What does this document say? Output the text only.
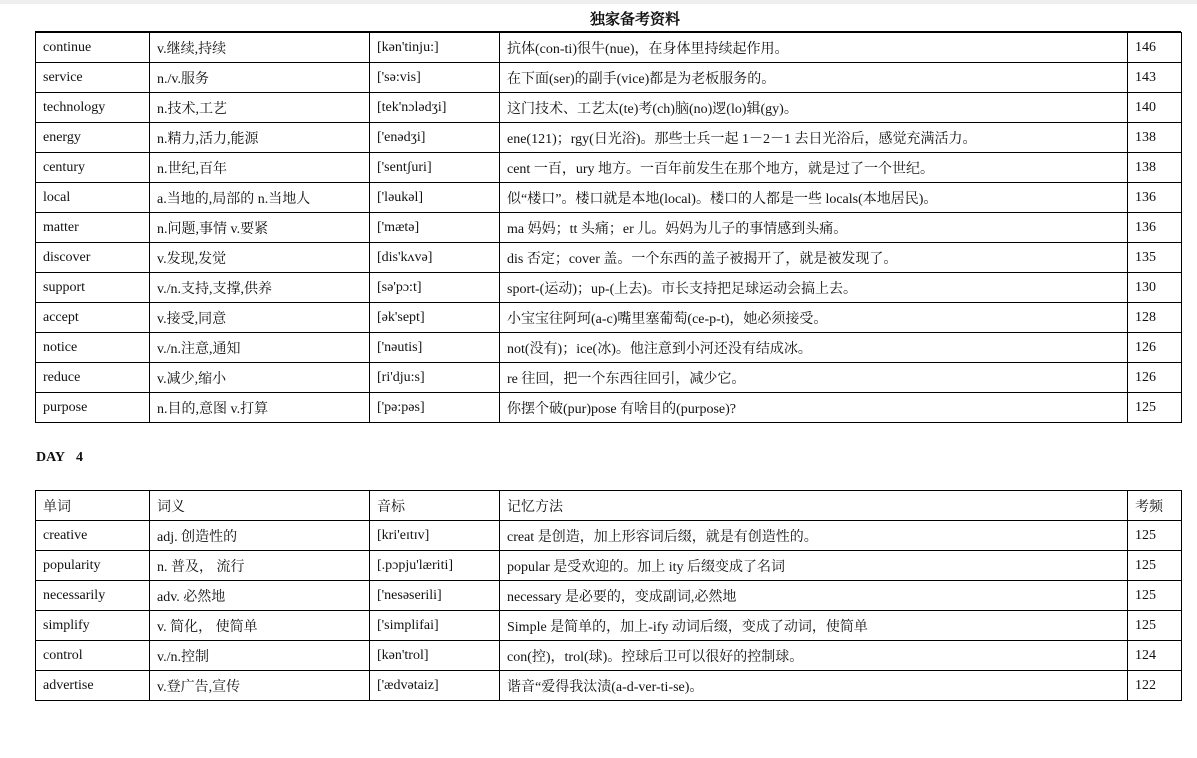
独家备考资料
continue	v.继续,持续	[kən'tinju:]	抗体(con-ti)很牛(nue)，在身体里持续起作用。	146
service	n./v.服务	['sə:vis]	在下面(ser)的副手(vice)都是为老板服务的。	143
technology	n.技术,工艺	[tek'nɔlədʒi]	这门技术、工艺太(te)考(ch)脑(no)逻(lo)辑(gy)。	140
energy	n.精力,活力,能源	['enədʒi]	ene(121)；rgy(日光浴)。那些士兵一起 1－2－1 去日光浴后，感觉充满活力。	138
century	n.世纪,百年	['sentʃuri]	cent 一百，ury 地方。一百年前发生在那个地方，就是过了一个世纪。	138
local	a.当地的,局部的 n.当地人	['ləukəl]	似“楼口”。楼口就是本地(local)。楼口的人都是一些 locals(本地居民)。	136
matter	n.问题,事情 v.要紧	['mætə]	ma 妈妈；tt 头痛；er 儿。妈妈为儿子的事情感到头痛。	136
discover	v.发现,发觉	[dis'kʌvə]	dis 否定；cover 盖。一个东西的盖子被揭开了，就是被发现了。	135
support	v./n.支持,支撑,供养	[sə'pɔ:t]	sport-(运动)；up-(上去)。市长支持把足球运动会搞上去。	130
accept	v.接受,同意	[ək'sept]	小宝宝往阿珂(a-c)嘴里塞葡萄(ce-p-t)，她必须接受。	128
notice	v./n.注意,通知	['nəutis]	not(没有)；ice(冰)。他注意到小河还没有结成冰。	126
reduce	v.减少,缩小	[ri'dju:s]	re 往回，把一个东西往回引，减少它。	126
purpose	n.目的,意图 v.打算	['pə:pəs]	你摆个破(pur)pose 有啥目的(purpose)?	125
DAY 4
单词	词义	音标	记忆方法	考频
creative	adj. 创造性的	[kri'eɪtɪv]	creat 是创造，加上形容词后缀，就是有创造性的。	125
popularity	n. 普及， 流行	[.pɔpju'læriti]	popular 是受欢迎的。加上 ity 后缀变成了名词	125
necessarily	adv. 必然地	['nesəserili]	necessary 是必要的，变成副词,必然地	125
simplify	v. 简化， 使简单	['simplifai]	Simple 是简单的，加上-ify 动词后缀，变成了动词，使简单	125
control	v./n.控制	[kən'trol]	con(控)，trol(球)。控球后卫可以很好的控制球。	124
advertise	v.登广告,宣传	['ædvətaiz]	谐音“爱得我汰渍(a-d-ver-ti-se)。	122
